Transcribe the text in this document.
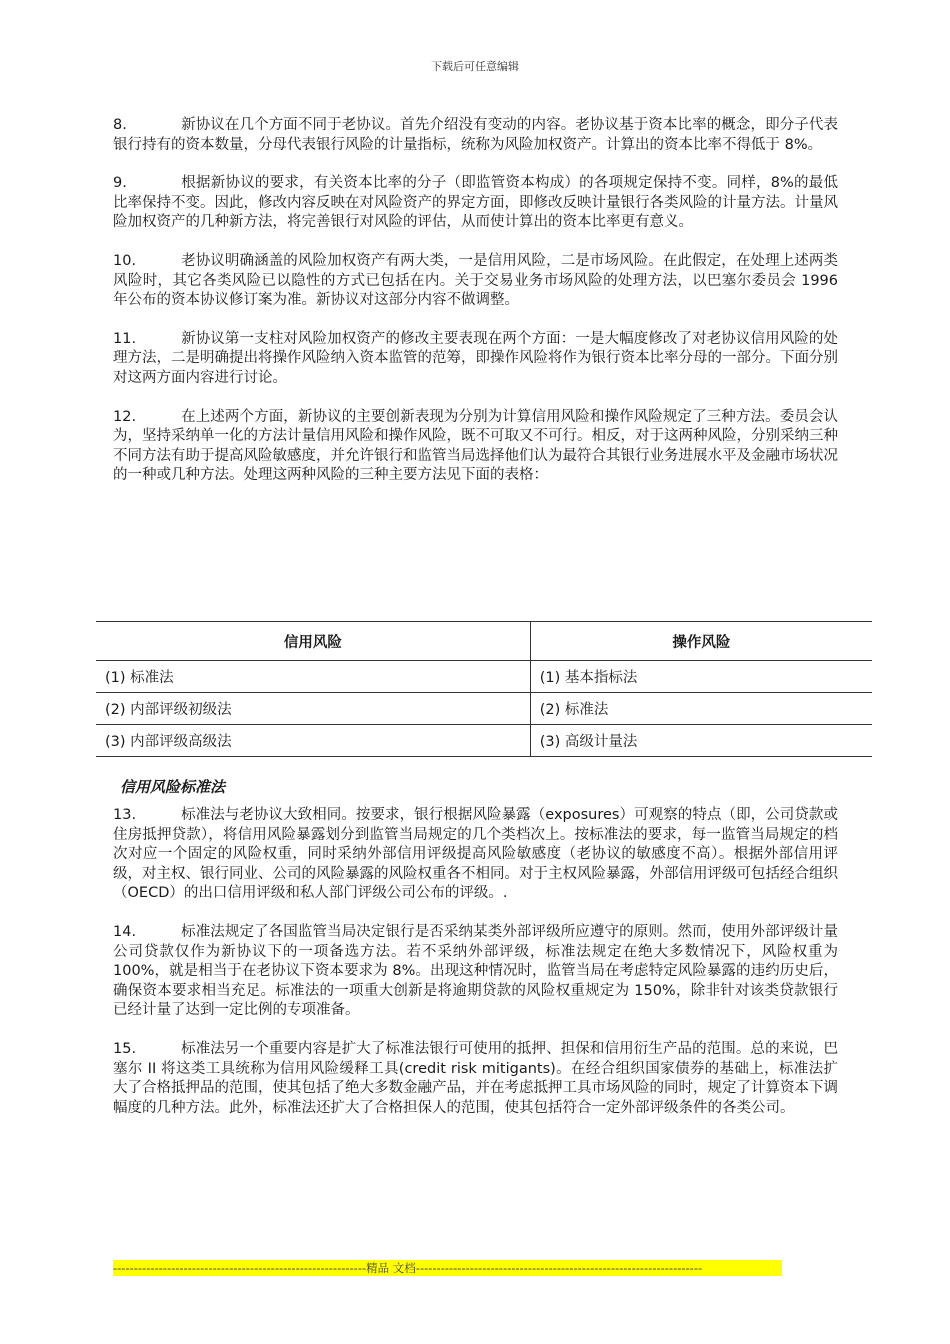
下载后可任意编辑

8.	新协议在几个方面不同于老协议。首先介绍没有变动的内容。老协议基于资本比率的概念，即分子代表银行持有的资本数量，分母代表银行风险的计量指标，统称为风险加权资产。计算出的资本比率不得低于 8%。

9.	根据新协议的要求，有关资本比率的分子（即监管资本构成）的各项规定保持不变。同样，8%的最低比率保持不变。因此，修改内容反映在对风险资产的界定方面，即修改反映计量银行各类风险的计量方法。计量风险加权资产的几种新方法，将完善银行对风险的评估，从而使计算出的资本比率更有意义。

10.	老协议明确涵盖的风险加权资产有两大类，一是信用风险，二是市场风险。在此假定，在处理上述两类风险时，其它各类风险已以隐性的方式已包括在内。关于交易业务市场风险的处理方法，以巴塞尔委员会 1996 年公布的资本协议修订案为准。新协议对这部分内容不做调整。

11.	新协议第一支柱对风险加权资产的修改主要表现在两个方面：一是大幅度修改了对老协议信用风险的处理方法，二是明确提出将操作风险纳入资本监管的范筹，即操作风险将作为银行资本比率分母的一部分。下面分别对这两方面内容进行讨论。

12.	在上述两个方面，新协议的主要创新表现为分别为计算信用风险和操作风险规定了三种方法。委员会认为，坚持采纳单一化的方法计量信用风险和操作风险，既不可取又不可行。相反，对于这两种风险，分别采纳三种不同方法有助于提高风险敏感度，并允许银行和监管当局选择他们认为最符合其银行业务进展水平及金融市场状况的一种或几种方法。处理这两种风险的三种主要方法见下面的表格：

信用风险	操作风险
(1) 标准法	(1) 基本指标法
(2) 内部评级初级法	(2) 标准法
(3) 内部评级高级法	(3) 高级计量法
信用风险标准法

13.	标准法与老协议大致相同。按要求，银行根据风险暴露（exposures）可观察的特点（即，公司贷款或住房抵押贷款），将信用风险暴露划分到监管当局规定的几个类档次上。按标准法的要求，每一监管当局规定的档次对应一个固定的风险权重，同时采纳外部信用评级提高风险敏感度（老协议的敏感度不高）。根据外部信用评级，对主权、银行同业、公司的风险暴露的风险权重各不相同。对于主权风险暴露，外部信用评级可包括经合组织（OECD）的出口信用评级和私人部门评级公司公布的评级。.

14.	标准法规定了各国监管当局决定银行是否采纳某类外部评级所应遵守的原则。然而，使用外部评级计量公司贷款仅作为新协议下的一项备选方法。若不采纳外部评级，标准法规定在绝大多数情况下，风险权重为 100%，就是相当于在老协议下资本要求为 8%。出现这种情况时，监管当局在考虑特定风险暴露的违约历史后，确保资本要求相当充足。标准法的一项重大创新是将逾期贷款的风险权重规定为 150%，除非针对该类贷款银行已经计量了达到一定比例的专项准备。

15.	标准法另一个重要内容是扩大了标准法银行可使用的抵押、担保和信用衍生产品的范围。总的来说，巴塞尔 II 将这类工具统称为信用风险缓释工具(credit risk mitigants)。在经合组织国家债券的基础上，标准法扩大了合格抵押品的范围，使其包括了绝大多数金融产品，并在考虑抵押工具市场风险的同时，规定了计算资本下调幅度的几种方法。此外，标准法还扩大了合格担保人的范围，使其包括符合一定外部评级条件的各类公司。

-------------------------------------------------------------精品 文档---------------------------------------------------------------------
